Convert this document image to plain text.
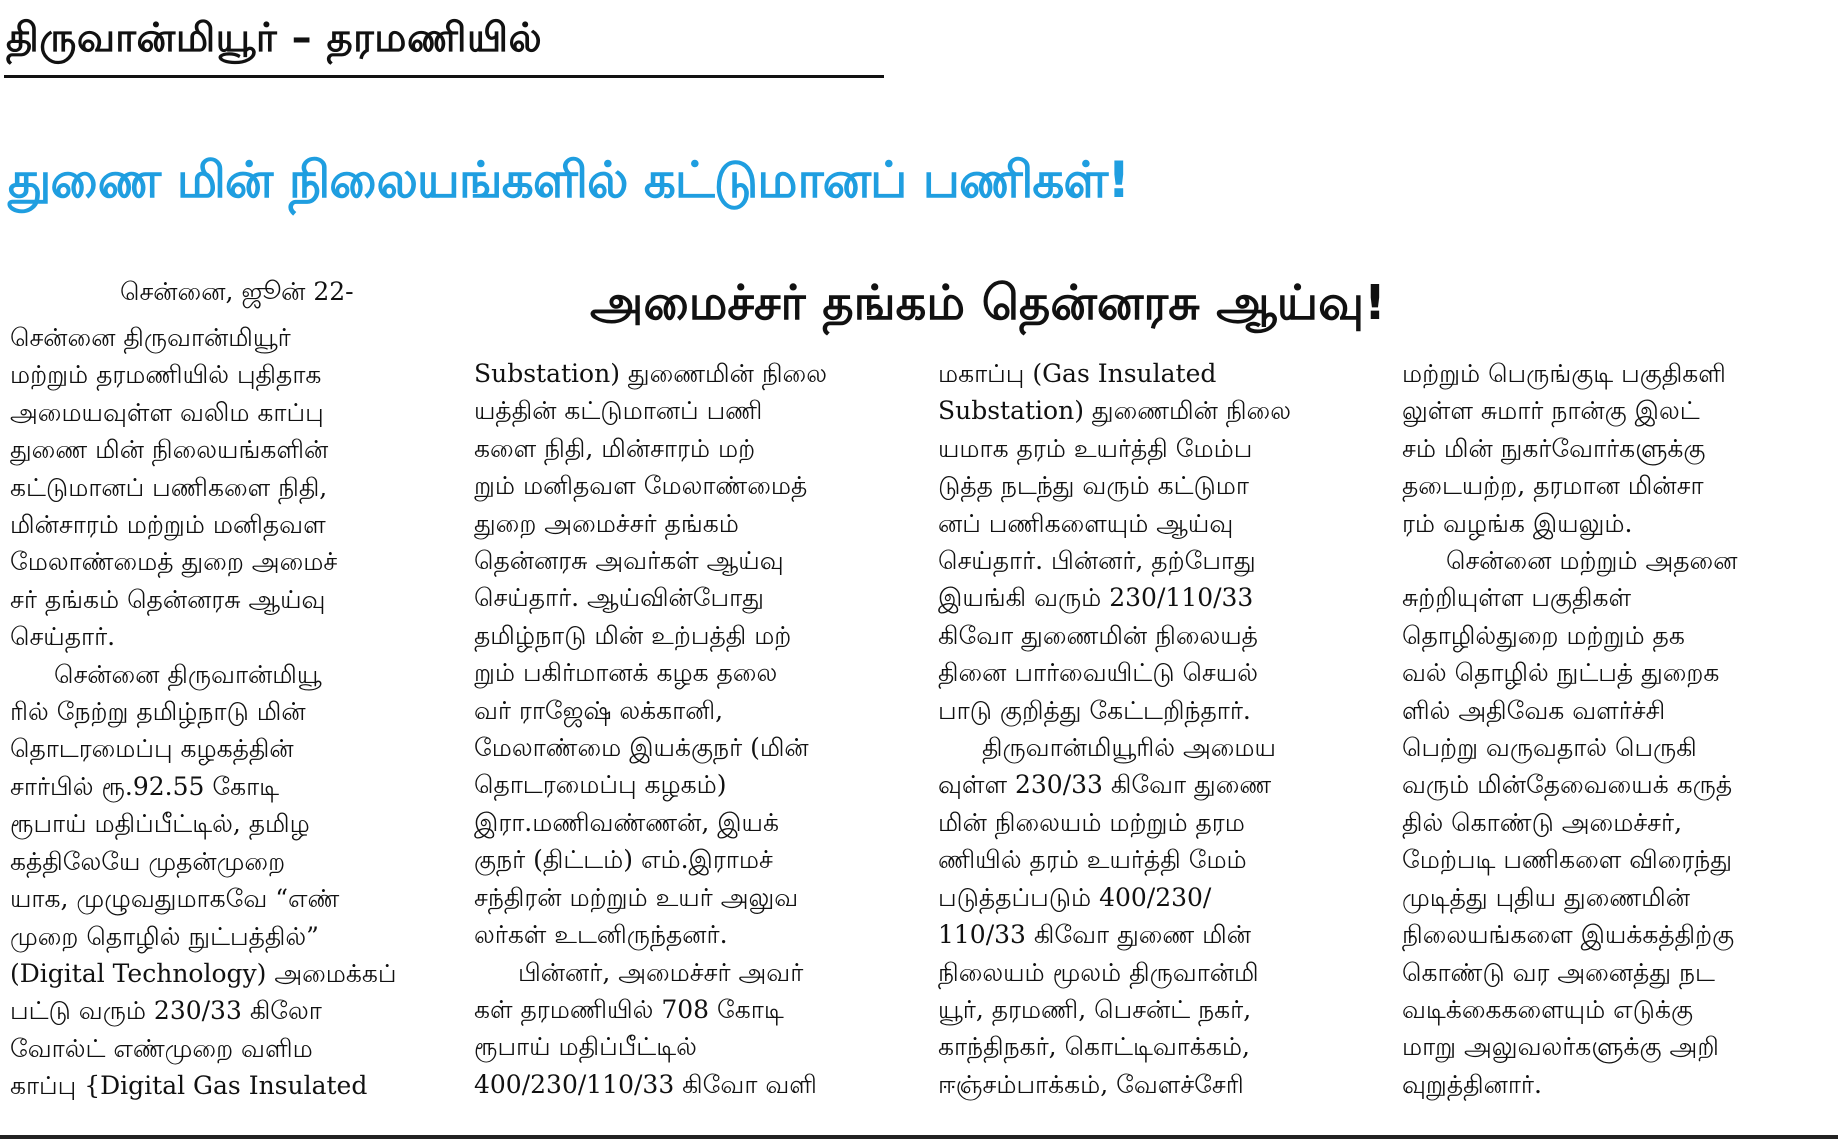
திருவான்மியூர் – தரமணியில்
துணை மின் நிலையங்களில் கட்டுமானப் பணிகள்!
அமைச்சர் தங்கம் தென்னரசு ஆய்வு!
சென்னை, ஜூன் 22-

சென்னை திருவான்மியூர்

மற்றும் தரமணியில் புதிதாக

அமையவுள்ள வலிம காப்பு

துணை மின் நிலையங்களின்

கட்டுமானப் பணிகளை நிதி,

மின்சாரம் மற்றும் மனிதவள

மேலாண்மைத் துறை அமைச்

சர் தங்கம் தென்னரசு ஆய்வு

செய்தார்.

சென்னை திருவான்மியூ

ரில் நேற்று தமிழ்நாடு மின்

தொடரமைப்பு கழகத்தின்

சார்பில் ரூ.92.55 கோடி

ரூபாய் மதிப்பீட்டில், தமிழ

கத்திலேயே முதன்முறை

யாக, முழுவதுமாகவே “எண்

முறை தொழில் நுட்பத்தில்”

(Digital Technology) அமைக்கப்

பட்டு வரும் 230/33 கிலோ

வோல்ட் எண்முறை வளிம

காப்பு {Digital Gas Insulated

Substation) துணைமின் நிலை

யத்தின் கட்டுமானப் பணி

களை நிதி, மின்சாரம் மற்

றும் மனிதவள மேலாண்மைத்

துறை அமைச்சர் தங்கம்

தென்னரசு அவர்கள் ஆய்வு

செய்தார். ஆய்வின்போது

தமிழ்நாடு மின் உற்பத்தி மற்

றும் பகிர்மானக் கழக தலை

வர் ராஜேஷ் லக்கானி,

மேலாண்மை இயக்குநர் (மின்

தொடரமைப்பு கழகம்)

இரா.மணிவண்ணன், இயக்

குநர் (திட்டம்) எம்.இராமச்

சந்திரன் மற்றும் உயர் அலுவ

லர்கள் உடனிருந்தனர்.

பின்னர், அமைச்சர் அவர்

கள் தரமணியில் 708 கோடி

ரூபாய் மதிப்பீட்டில்

400/230/110/33 கிவோ வளி

மகாப்பு (Gas Insulated

Substation) துணைமின் நிலை

யமாக தரம் உயர்த்தி மேம்ப

டுத்த நடந்து வரும் கட்டுமா

னப் பணிகளையும் ஆய்வு

செய்தார். பின்னர், தற்போது

இயங்கி வரும் 230/110/33

கிவோ துணைமின் நிலையத்

தினை பார்வையிட்டு செயல்

பாடு குறித்து கேட்டறிந்தார்.

திருவான்மியூரில் அமைய

வுள்ள 230/33 கிவோ துணை

மின் நிலையம் மற்றும் தரம

ணியில் தரம் உயர்த்தி மேம்

படுத்தப்படும் 400/230/

110/33 கிவோ துணை மின்

நிலையம் மூலம் திருவான்மி

யூர், தரமணி, பெசன்ட் நகர்,

காந்திநகர், கொட்டிவாக்கம்,

ஈஞ்சம்பாக்கம், வேளச்சேரி

மற்றும் பெருங்குடி பகுதிகளி

லுள்ள சுமார் நான்கு இலட்

சம் மின் நுகர்வோர்களுக்கு

தடையற்ற, தரமான மின்சா

ரம் வழங்க இயலும்.

சென்னை மற்றும் அதனை

சுற்றியுள்ள பகுதிகள்

தொழில்துறை மற்றும் தக

வல் தொழில் நுட்பத் துறைக

ளில் அதிவேக வளர்ச்சி

பெற்று வருவதால் பெருகி

வரும் மின்தேவையைக் கருத்

தில் கொண்டு அமைச்சர்,

மேற்படி பணிகளை விரைந்து

முடித்து புதிய துணைமின்

நிலையங்களை இயக்கத்திற்கு

கொண்டு வர அனைத்து நட

வடிக்கைகளையும் எடுக்கு

மாறு அலுவலர்களுக்கு அறி

வுறுத்தினார்.
